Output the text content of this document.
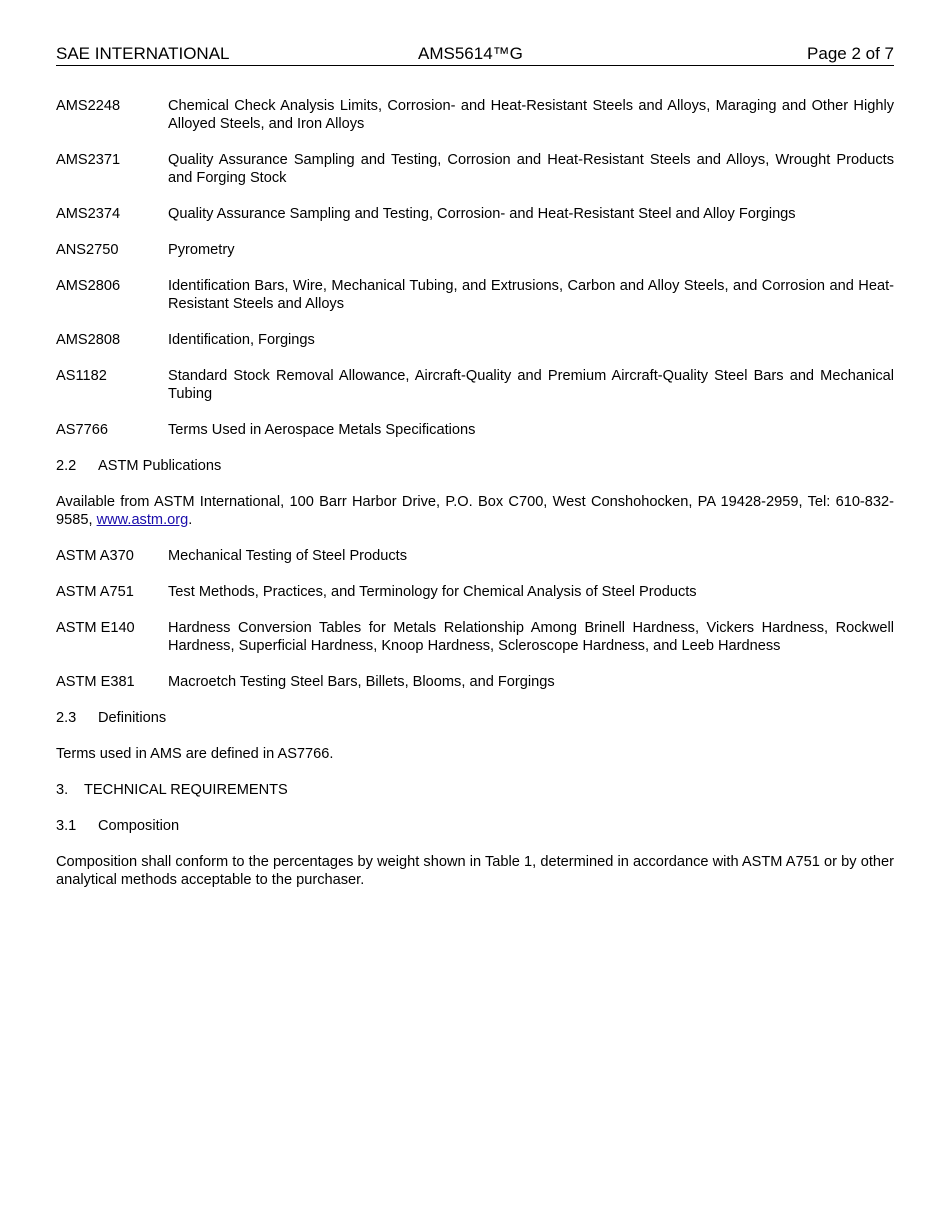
SAE INTERNATIONAL	AMS5614™G	Page 2 of 7
AMS2248	Chemical Check Analysis Limits, Corrosion- and Heat-Resistant Steels and Alloys, Maraging and Other Highly Alloyed Steels, and Iron Alloys
AMS2371	Quality Assurance Sampling and Testing, Corrosion and Heat-Resistant Steels and Alloys, Wrought Products and Forging Stock
AMS2374	Quality Assurance Sampling and Testing, Corrosion- and Heat-Resistant Steel and Alloy Forgings
ANS2750	Pyrometry
AMS2806	Identification Bars, Wire, Mechanical Tubing, and Extrusions, Carbon and Alloy Steels, and Corrosion and Heat-Resistant Steels and Alloys
AMS2808	Identification, Forgings
AS1182	Standard Stock Removal Allowance, Aircraft-Quality and Premium Aircraft-Quality Steel Bars and Mechanical Tubing
AS7766	Terms Used in Aerospace Metals Specifications
2.2 ASTM Publications
Available from ASTM International, 100 Barr Harbor Drive, P.O. Box C700, West Conshohocken, PA 19428-2959, Tel: 610-832-9585, www.astm.org.
ASTM A370	Mechanical Testing of Steel Products
ASTM A751	Test Methods, Practices, and Terminology for Chemical Analysis of Steel Products
ASTM E140	Hardness Conversion Tables for Metals Relationship Among Brinell Hardness, Vickers Hardness, Rockwell Hardness, Superficial Hardness, Knoop Hardness, Scleroscope Hardness, and Leeb Hardness
ASTM E381	Macroetch Testing Steel Bars, Billets, Blooms, and Forgings
2.3 Definitions
Terms used in AMS are defined in AS7766.
3. TECHNICAL REQUIREMENTS
3.1 Composition
Composition shall conform to the percentages by weight shown in Table 1, determined in accordance with ASTM A751 or by other analytical methods acceptable to the purchaser.
